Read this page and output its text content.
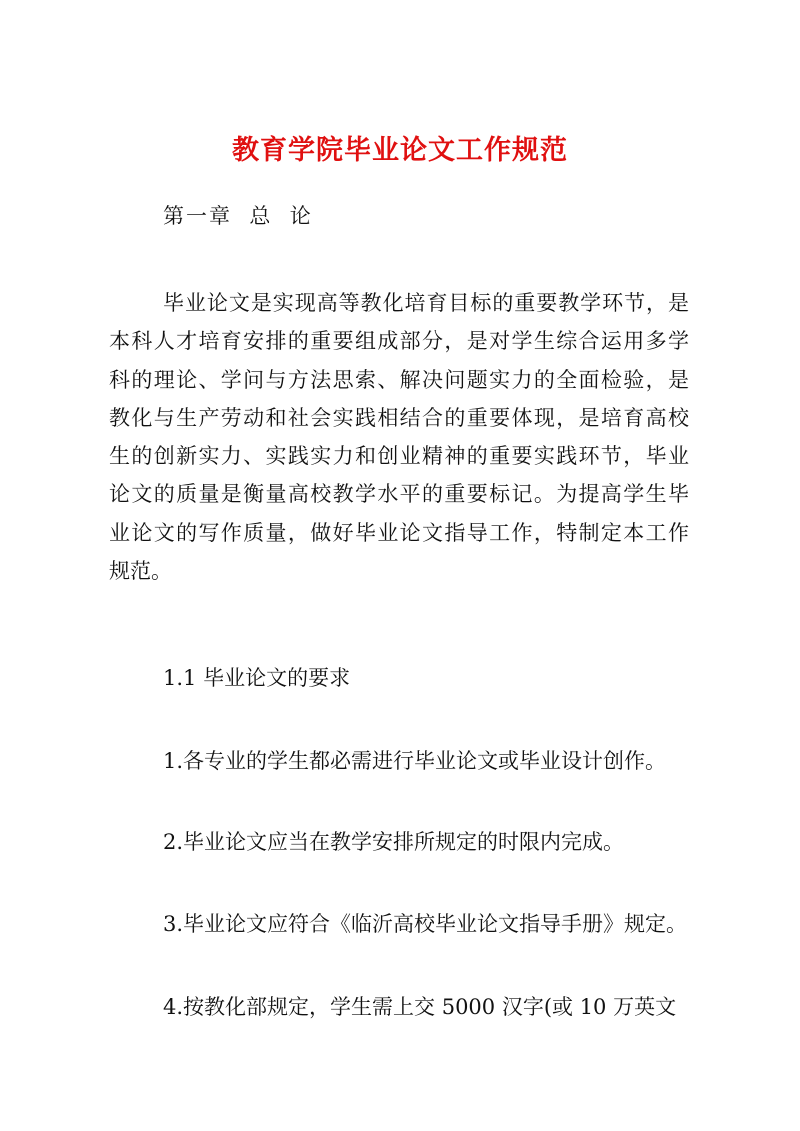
教育学院毕业论文工作规范
第一章  总  论
毕业论文是实现高等教化培育目标的重要教学环节，是
本科人才培育安排的重要组成部分，是对学生综合运用多学
科的理论、学问与方法思索、解决问题实力的全面检验，是
教化与生产劳动和社会实践相结合的重要体现，是培育高校
生的创新实力、实践实力和创业精神的重要实践环节，毕业
论文的质量是衡量高校教学水平的重要标记。为提高学生毕
业论文的写作质量，做好毕业论文指导工作，特制定本工作
规范。
1.1 毕业论文的要求
1.各专业的学生都必需进行毕业论文或毕业设计创作。
2.毕业论文应当在教学安排所规定的时限内完成。
3.毕业论文应符合《临沂高校毕业论文指导手册》规定。
4.按教化部规定，学生需上交 5000 汉字(或 10 万英文
